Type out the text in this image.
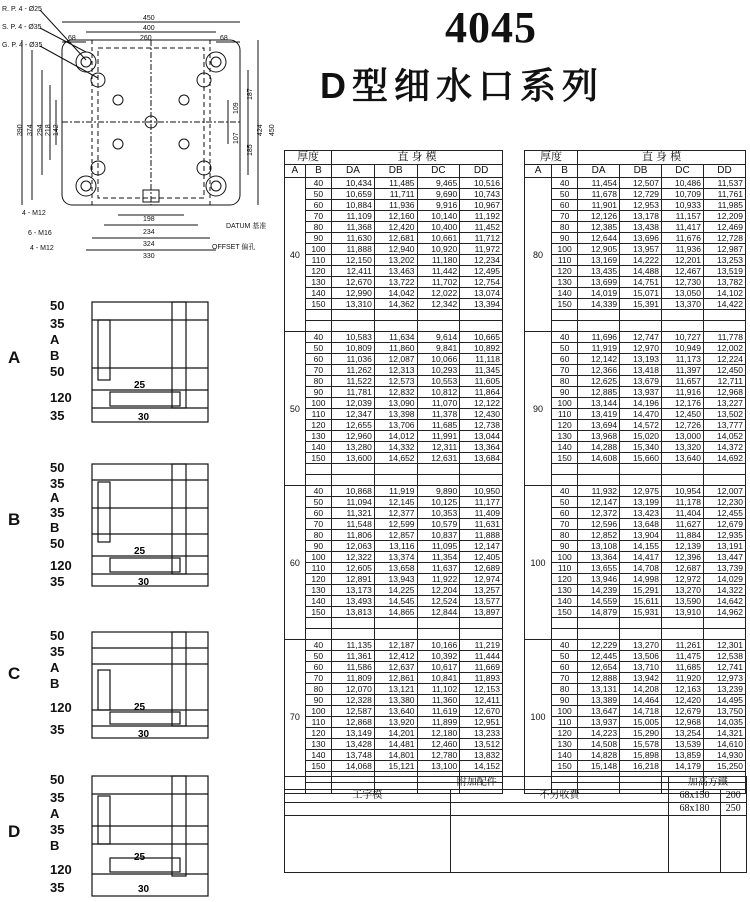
4045
D型细水口系列
R. P. 4 - Ø25
S. P. 4 - Ø35
G. P. 4 - Ø35
450
400
68	260	68
390 374 294 218 142
109
107
187
185
424 450
198
234
324
330
4 - M12
6 - M16
4 - M12
DATUM 基准
OFFSET 偏孔
A
50
35
A
B
50
120
35
25
30
B
50
35
A
35
B
50
120
35
25
30
C
50
35
A
B
120
35
25
30
D
50
35
A
35
B
120
35
25
30
厚度		直 身 模			
A	B	DA	DB	DC	DD
40	40	10,434	11,485	9,465	10,516
	50	10,659	11,711	9,690	10,743
	60	10,884	11,936	9,916	10,967
	70	11,109	12,160	10,140	11,192
	80	11,368	12,420	10,400	11,452
	90	11,630	12,681	10,661	11,712
	100	11,888	12,940	10,920	11,972
	110	12,150	13,202	11,180	12,234
	120	12,411	13,463	11,442	12,495
	130	12,670	13,722	11,702	12,754
	140	12,990	14,042	12,022	13,074
	150	13,310	14,362	12,342	13,394

50	40	10,583	11,634	9,614	10,665
	50	10,809	11,860	9,841	10,892
	60	11,036	12,087	10,066	11,118
	70	11,262	12,313	10,293	11,345
	80	11,522	12,573	10,553	11,605
	90	11,781	12,832	10,812	11,864
	100	12,039	13,090	11,070	12,122
	110	12,347	13,398	11,378	12,430
	120	12,655	13,706	11,685	12,738
	130	12,960	14,012	11,991	13,044
	140	13,280	14,332	12,311	13,364
	150	13,600	14,652	12,631	13,684

60	40	10,868	11,919	9,890	10,950
	50	11,094	12,145	10,125	11,177
	60	11,321	12,377	10,353	11,409
	70	11,548	12,599	10,579	11,631
	80	11,806	12,857	10,837	11,888
	90	12,063	13,116	11,095	12,147
	100	12,322	13,374	11,354	12,405
	110	12,605	13,658	11,637	12,689
	120	12,891	13,943	11,922	12,974
	130	13,173	14,225	12,204	13,257
	140	13,493	14,545	12,524	13,577
	150	13,813	14,865	12,844	13,897

70	40	11,135	12,187	10,166	11,219
	50	11,361	12,412	10,392	11,444
	60	11,586	12,637	10,617	11,669
	70	11,809	12,861	10,841	11,893
	80	12,070	13,121	11,102	12,153
	90	12,328	13,380	11,360	12,411
	100	12,587	13,640	11,619	12,670
	110	12,868	13,920	11,899	12,951
	120	13,149	14,201	12,180	13,233
	130	13,428	14,481	12,460	13,512
	140	13,748	14,801	12,780	13,832
	150	14,068	15,121	13,100	14,152

厚度		直 身 模			
A	B	DA	DB	DC	DD
80	40	11,454	12,507	10,486	11,537
	50	11,678	12,729	10,709	11,761
	60	11,901	12,953	10,933	11,985
	70	12,126	13,178	11,157	12,209
	80	12,385	13,438	11,417	12,469
	90	12,644	13,696	11,676	12,728
	100	12,905	13,957	11,936	12,987
	110	13,169	14,222	12,201	13,253
	120	13,435	14,488	12,467	13,519
	130	13,699	14,751	12,730	13,782
	140	14,019	15,071	13,050	14,102
	150	14,339	15,391	13,370	14,422

90	40	11,696	12,747	10,727	11,778
	50	11,919	12,970	10,949	12,002
	60	12,142	13,193	11,173	12,224
	70	12,366	13,418	11,397	12,450
	80	12,625	13,679	11,657	12,711
	90	12,885	13,937	11,916	12,968
	100	13,144	14,196	12,176	13,227
	110	13,419	14,470	12,450	13,502
	120	13,694	14,572	12,726	13,777
	130	13,968	15,020	13,000	14,052
	140	14,288	15,340	13,320	14,372
	150	14,608	15,660	13,640	14,692

100	40	11,932	12,975	10,954	12,007
	50	12,147	13,199	11,178	12,230
	60	12,372	13,423	11,404	12,455
	70	12,596	13,648	11,627	12,679
	80	12,852	13,904	11,884	12,935
	90	13,108	14,155	12,139	13,191
	100	13,364	14,417	12,396	13,447
	110	13,655	14,708	12,687	13,739
	120	13,946	14,998	12,972	14,029
	130	14,239	15,291	13,270	14,322
	140	14,559	15,611	13,590	14,642
	150	14,879	15,931	13,910	14,962

100	40	12,229	13,270	11,261	12,301
	50	12,445	13,506	11,475	12,538
	60	12,654	13,710	11,685	12,741
	70	12,888	13,942	11,920	12,973
	80	13,131	14,208	12,163	13,239
	90	13,389	14,464	12,420	14,495
	100	13,647	14,718	12,679	13,750
	110	13,937	15,005	12,968	14,035
	120	14,223	15,290	13,254	14,321
	130	14,508	15,578	13,539	14,610
	140	14,828	15,898	13,859	14,930
	150	15,148	16,218	14,179	15,250

附加配件		加高方鐵	
工字模	不另收費	68x150	200
		68x180	250
